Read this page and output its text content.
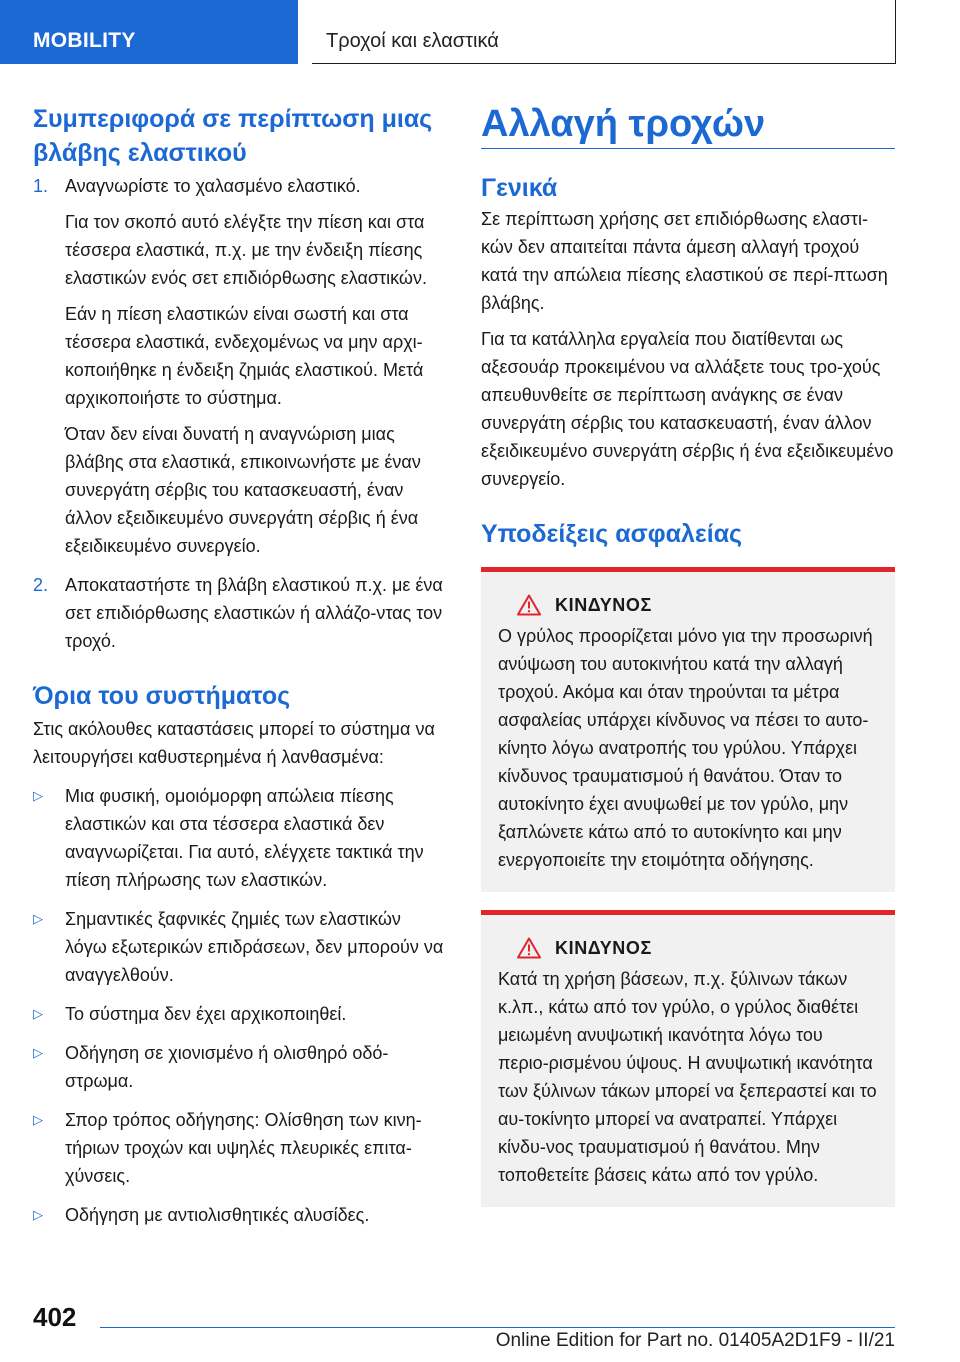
MOBILITY	Τροχοί και ελαστικά
Συμπεριφορά σε περίπτωση μιας βλάβης ελαστικού
1. Αναγνωρίστε το χαλασμένο ελαστικό.

Για τον σκοπό αυτό ελέγξτε την πίεση και στα τέσσερα ελαστικά, π.χ. με την ένδειξη πίεσης ελαστικών ενός σετ επιδιόρθωσης ελαστικών.

Εάν η πίεση ελαστικών είναι σωστή και στα τέσσερα ελαστικά, ενδεχομένως να μην αρχι-κοποιήθηκε η ένδειξη ζημιάς ελαστικού. Μετά αρχικοποιήστε το σύστημα.

Όταν δεν είναι δυνατή η αναγνώριση μιας βλάβης στα ελαστικά, επικοινωνήστε με έναν συνεργάτη σέρβις του κατασκευαστή, έναν άλλον εξειδικευμένο συνεργάτη σέρβις ή ένα εξειδικευμένο συνεργείο.

2. Αποκαταστήστε τη βλάβη ελαστικού π.χ. με ένα σετ επιδιόρθωσης ελαστικών ή αλλάζο-ντας τον τροχό.

Όρια του συστήματος

Στις ακόλουθες καταστάσεις μπορεί το σύστημα να λειτουργήσει καθυστερημένα ή λανθασμένα:

▷	Μια φυσική, ομοιόμορφη απώλεια πίεσης ελαστικών και στα τέσσερα ελαστικά δεν αναγνωρίζεται. Για αυτό, ελέγχετε τακτικά την πίεση πλήρωσης των ελαστικών.

▷	Σημαντικές ξαφνικές ζημιές των ελαστικών λόγω εξωτερικών επιδράσεων, δεν μπορούν να αναγγελθούν.

▷	Το σύστημα δεν έχει αρχικοποιηθεί.

▷	Οδήγηση σε χιονισμένο ή ολισθηρό οδό-στρωμα.

▷	Σπορ τρόπος οδήγησης: Ολίσθηση των κινη-τήριων τροχών και υψηλές πλευρικές επιτα-χύνσεις.

▷	Οδήγηση με αντιολισθητικές αλυσίδες.

Αλλαγή τροχών
Γενικά

Σε περίπτωση χρήσης σετ επιδιόρθωσης ελαστι-κών δεν απαιτείται πάντα άμεση αλλαγή τροχού κατά την απώλεια πίεσης ελαστικού σε περί-πτωση βλάβης.

Για τα κατάλληλα εργαλεία που διατίθενται ως αξεσουάρ προκειμένου να αλλάξετε τους τρο-χούς απευθυνθείτε σε περίπτωση ανάγκης σε έναν συνεργάτη σέρβις του κατασκευαστή, έναν άλλον εξειδικευμένο συνεργάτη σέρβις ή ένα εξειδικευμένο συνεργείο.

Υποδείξεις ασφαλείας
ΚΙΝΔΥΝΟΣ

Ο γρύλος προορίζεται μόνο για την προσωρινή ανύψωση του αυτοκινήτου κατά την αλλαγή τροχού. Ακόμα και όταν τηρούνται τα μέτρα ασφαλείας υπάρχει κίνδυνος να πέσει το αυτο-κίνητο λόγω ανατροπής του γρύλου. Υπάρχει κίνδυνος τραυματισμού ή θανάτου. Όταν το αυτοκίνητο έχει ανυψωθεί με τον γρύλο, μην ξαπλώνετε κάτω από το αυτοκίνητο και μην ενεργοποιείτε την ετοιμότητα οδήγησης.

ΚΙΝΔΥΝΟΣ

Κατά τη χρήση βάσεων, π.χ. ξύλινων τάκων κ.λπ., κάτω από τον γρύλο, ο γρύλος διαθέτει μειωμένη ανυψωτική ικανότητα λόγω του περιο-ρισμένου ύψους. Η ανυψωτική ικανότητα των ξύλινων τάκων μπορεί να ξεπεραστεί και το αυ-τοκίνητο μπορεί να ανατραπεί. Υπάρχει κίνδυ-νος τραυματισμού ή θανάτου. Μην τοποθετείτε βάσεις κάτω από τον γρύλο.

402
Online Edition for Part no. 01405A2D1F9 - II/21
